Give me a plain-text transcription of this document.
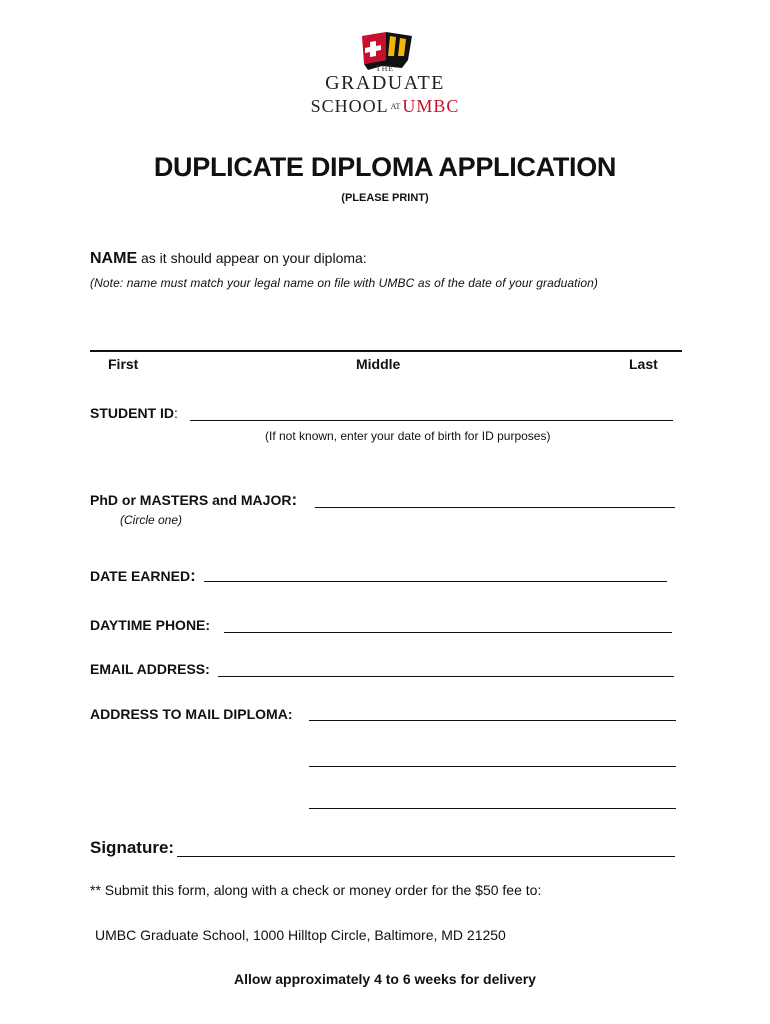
THE
GRADUATE
SCHOOL AT UMBC
DUPLICATE DIPLOMA APPLICATION
(PLEASE PRINT)
NAME as it should appear on your diploma:
(Note: name must match your legal name on file with UMBC as of the date of your graduation)
First	Middle	Last
STUDENT ID:
(If not known, enter your date of birth for ID purposes)
PhD or MASTERS and MAJOR:
(Circle one)
DATE EARNED:
DAYTIME PHONE:
EMAIL ADDRESS:
ADDRESS TO MAIL DIPLOMA:
Signature:
** Submit this form, along with a check or money order for the $50 fee to:
UMBC Graduate School, 1000 Hilltop Circle, Baltimore, MD 21250
Allow approximately 4 to 6 weeks for delivery
